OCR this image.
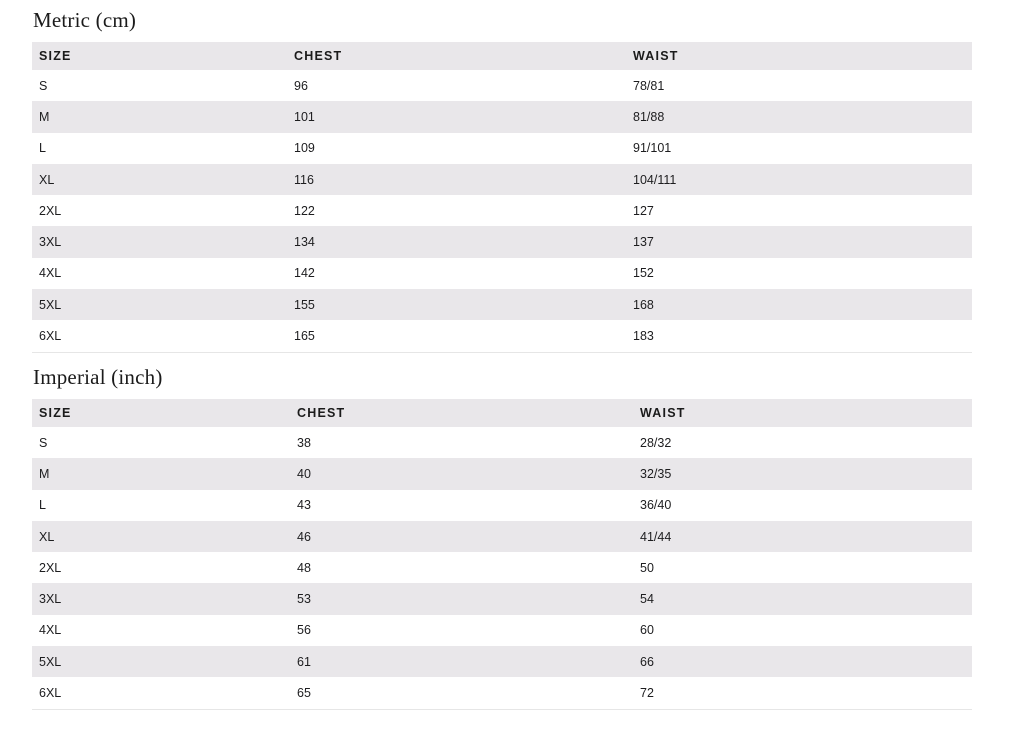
Metric (cm)
SIZE	CHEST	WAIST
S	96	78/81
M	101	81/88
L	109	91/101
XL	116	104/111
2XL	122	127
3XL	134	137
4XL	142	152
5XL	155	168
6XL	165	183
Imperial (inch)
SIZE	CHEST	WAIST
S	38	28/32
M	40	32/35
L	43	36/40
XL	46	41/44
2XL	48	50
3XL	53	54
4XL	56	60
5XL	61	66
6XL	65	72
